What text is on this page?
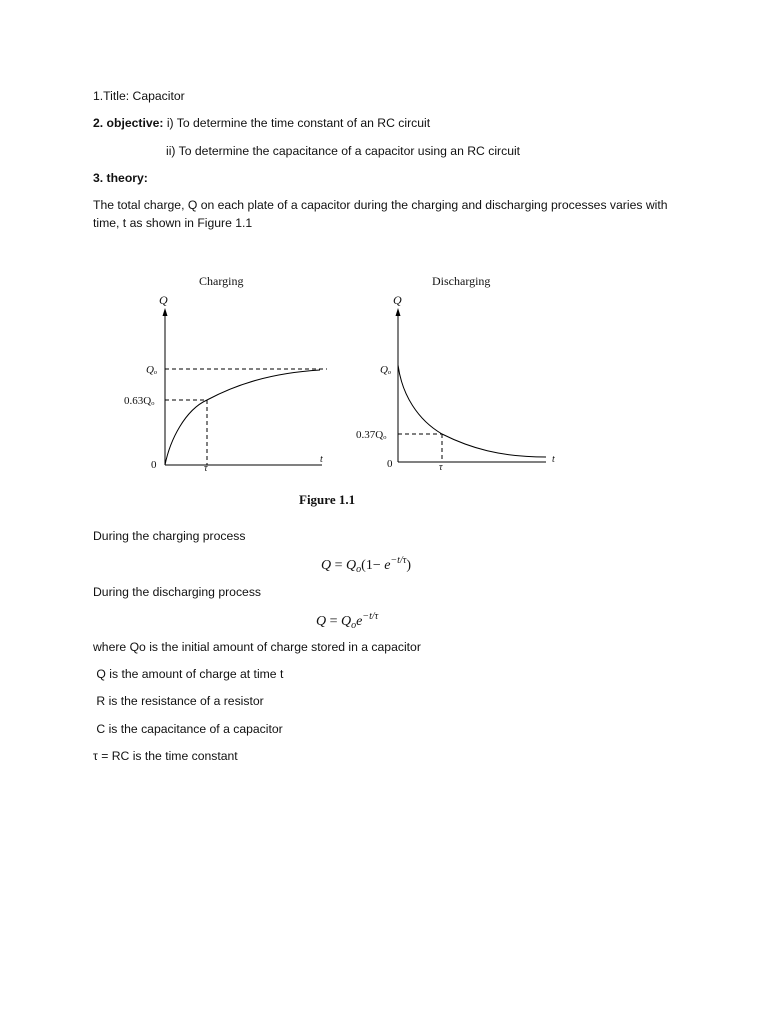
1.Title: Capacitor
2. objective: i) To determine the time constant of an RC circuit
ii) To determine the capacitance of a capacitor using an RC circuit
3. theory:
The total charge, Q on each plate of a capacitor during the charging and discharging processes varies with time, t as shown in Figure 1.1
Charging
Q
Qₒ
0.63Qₒ
0	τ
t
Discharging
Q
Qₒ
0.37Qₒ
0	τ
t
Figure 1.1
During the charging process
$Q = Q_o(1- e^{-t/\tau})$
During the discharging process
$Q = Q_oe^{-t/\tau}$
where Qo is the initial amount of charge stored in a capacitor
Q is the amount of charge at time t
R is the resistance of a resistor
C is the capacitance of a capacitor
τ = RC is the time constant
